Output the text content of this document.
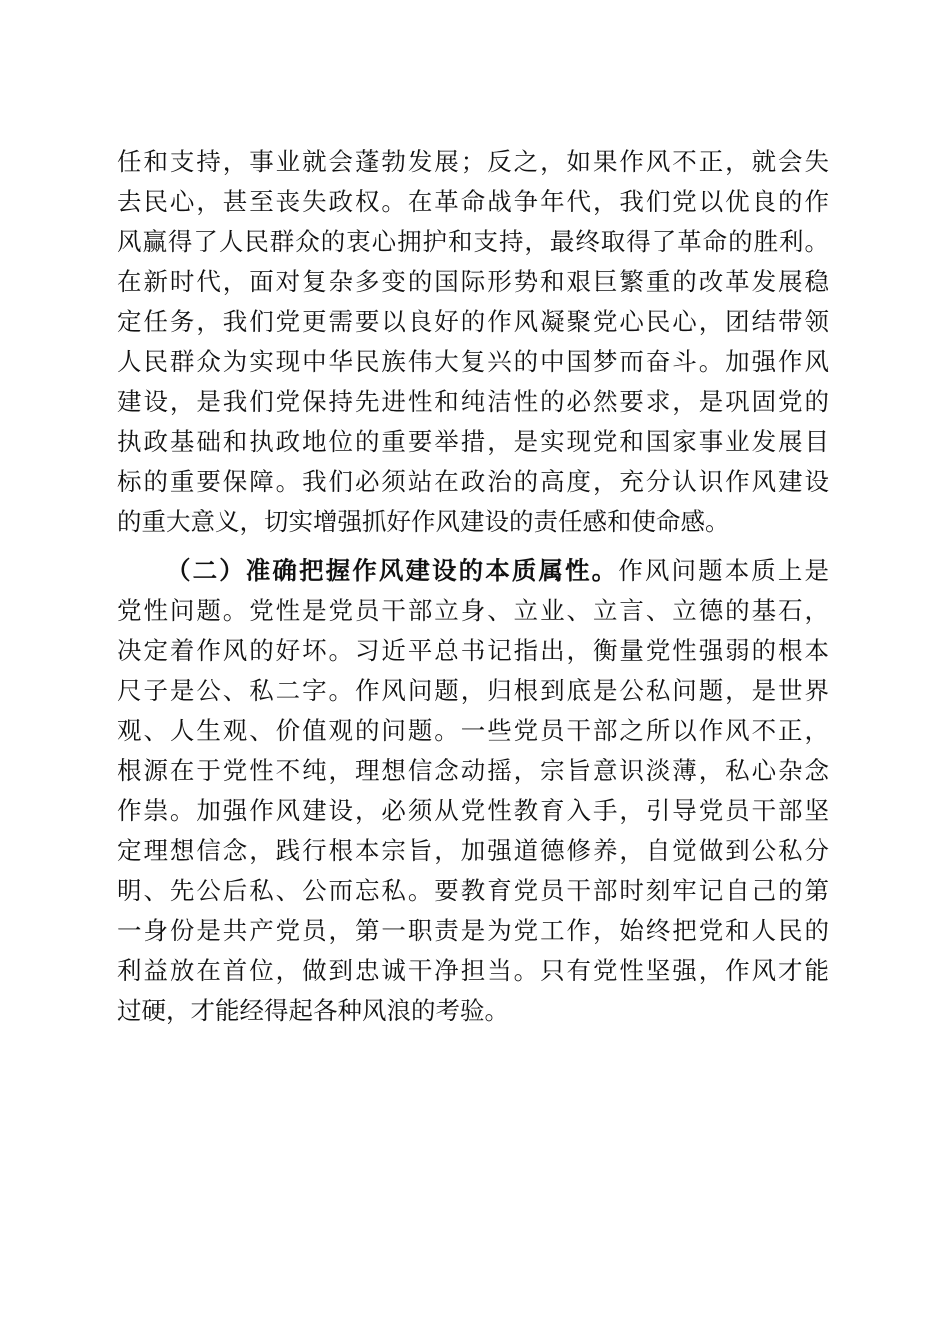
任和支持，事业就会蓬勃发展；反之，如果作风不正，就会失
去民心，甚至丧失政权。在革命战争年代，我们党以优良的作
风赢得了人民群众的衷心拥护和支持，最终取得了革命的胜利。
在新时代，面对复杂多变的国际形势和艰巨繁重的改革发展稳
定任务，我们党更需要以良好的作风凝聚党心民心，团结带领
人民群众为实现中华民族伟大复兴的中国梦而奋斗。加强作风
建设，是我们党保持先进性和纯洁性的必然要求，是巩固党的
执政基础和执政地位的重要举措，是实现党和国家事业发展目
标的重要保障。我们必须站在政治的高度，充分认识作风建设
的重大意义，切实增强抓好作风建设的责任感和使命感。
（二）准确把握作风建设的本质属性。作风问题本质上是
党性问题。党性是党员干部立身、立业、立言、立德的基石，
决定着作风的好坏。习近平总书记指出，衡量党性强弱的根本
尺子是公、私二字。作风问题，归根到底是公私问题，是世界
观、人生观、价值观的问题。一些党员干部之所以作风不正，
根源在于党性不纯，理想信念动摇，宗旨意识淡薄，私心杂念
作祟。加强作风建设，必须从党性教育入手，引导党员干部坚
定理想信念，践行根本宗旨，加强道德修养，自觉做到公私分
明、先公后私、公而忘私。要教育党员干部时刻牢记自己的第
一身份是共产党员，第一职责是为党工作，始终把党和人民的
利益放在首位，做到忠诚干净担当。只有党性坚强，作风才能
过硬，才能经得起各种风浪的考验。
